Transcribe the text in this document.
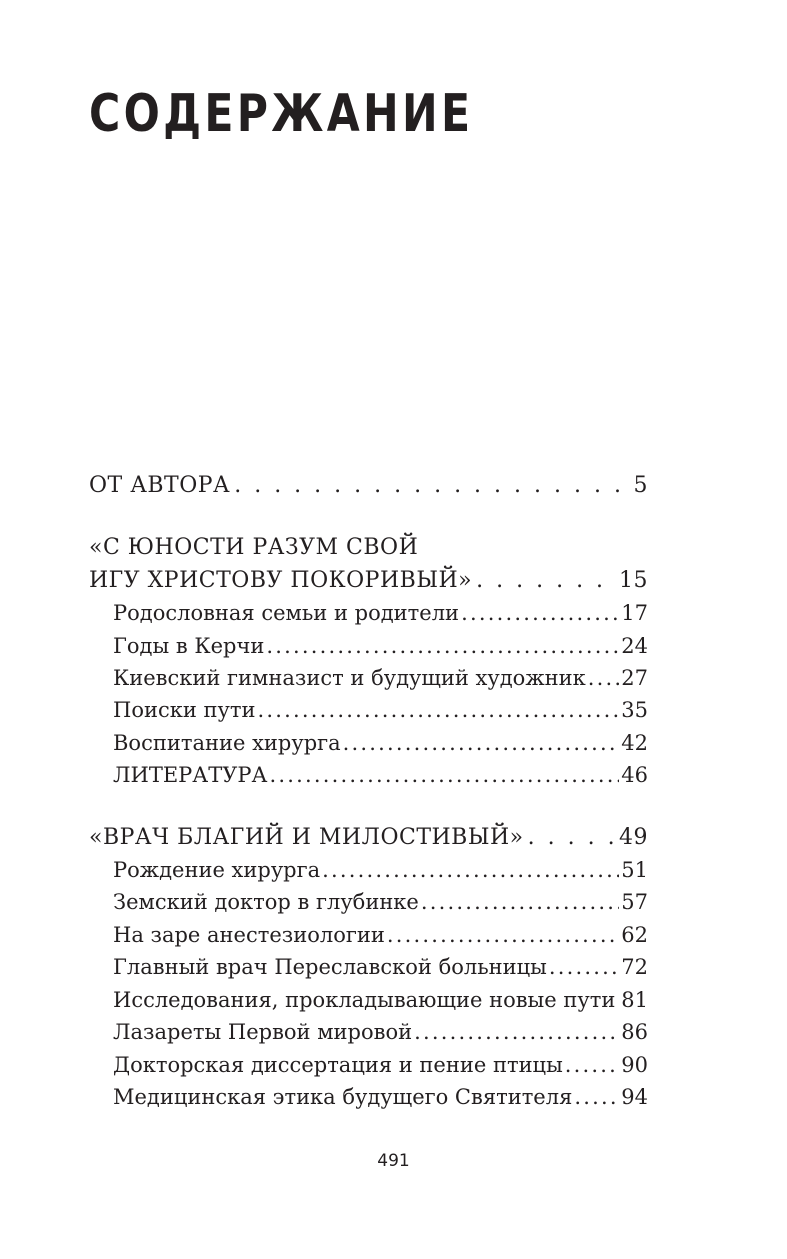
СОДЕРЖАНИЕ
ОТ АВТОРА . . .	5
«С ЮНОСТИ РАЗУМ СВОЙ
ИГУ ХРИСТОВУ ПОКОРИВЫЙ» . . .	15
Родословная семьи и родители .....	17
Годы в Керчи .....	24
Киевский гимназист и будущий художник ..... 27
Поиски пути .....	35
Воспитание хирурга .....	42
ЛИТЕРАТУРА .....	46
«ВРАЧ БЛАГИЙ И МИЛОСТИВЫЙ» . . .	49
Рождение хирурга .....	51
Земский доктор в глубинке .....	57
На заре анестезиологии .....	62
Главный врач Переславской больницы .....	72
Исследования, прокладывающие новые пути ..... 81
Лазареты Первой мировой .....	86
Докторская диссертация и пение птицы .....	90
Медицинская этика будущего Святителя ..... 94
491
